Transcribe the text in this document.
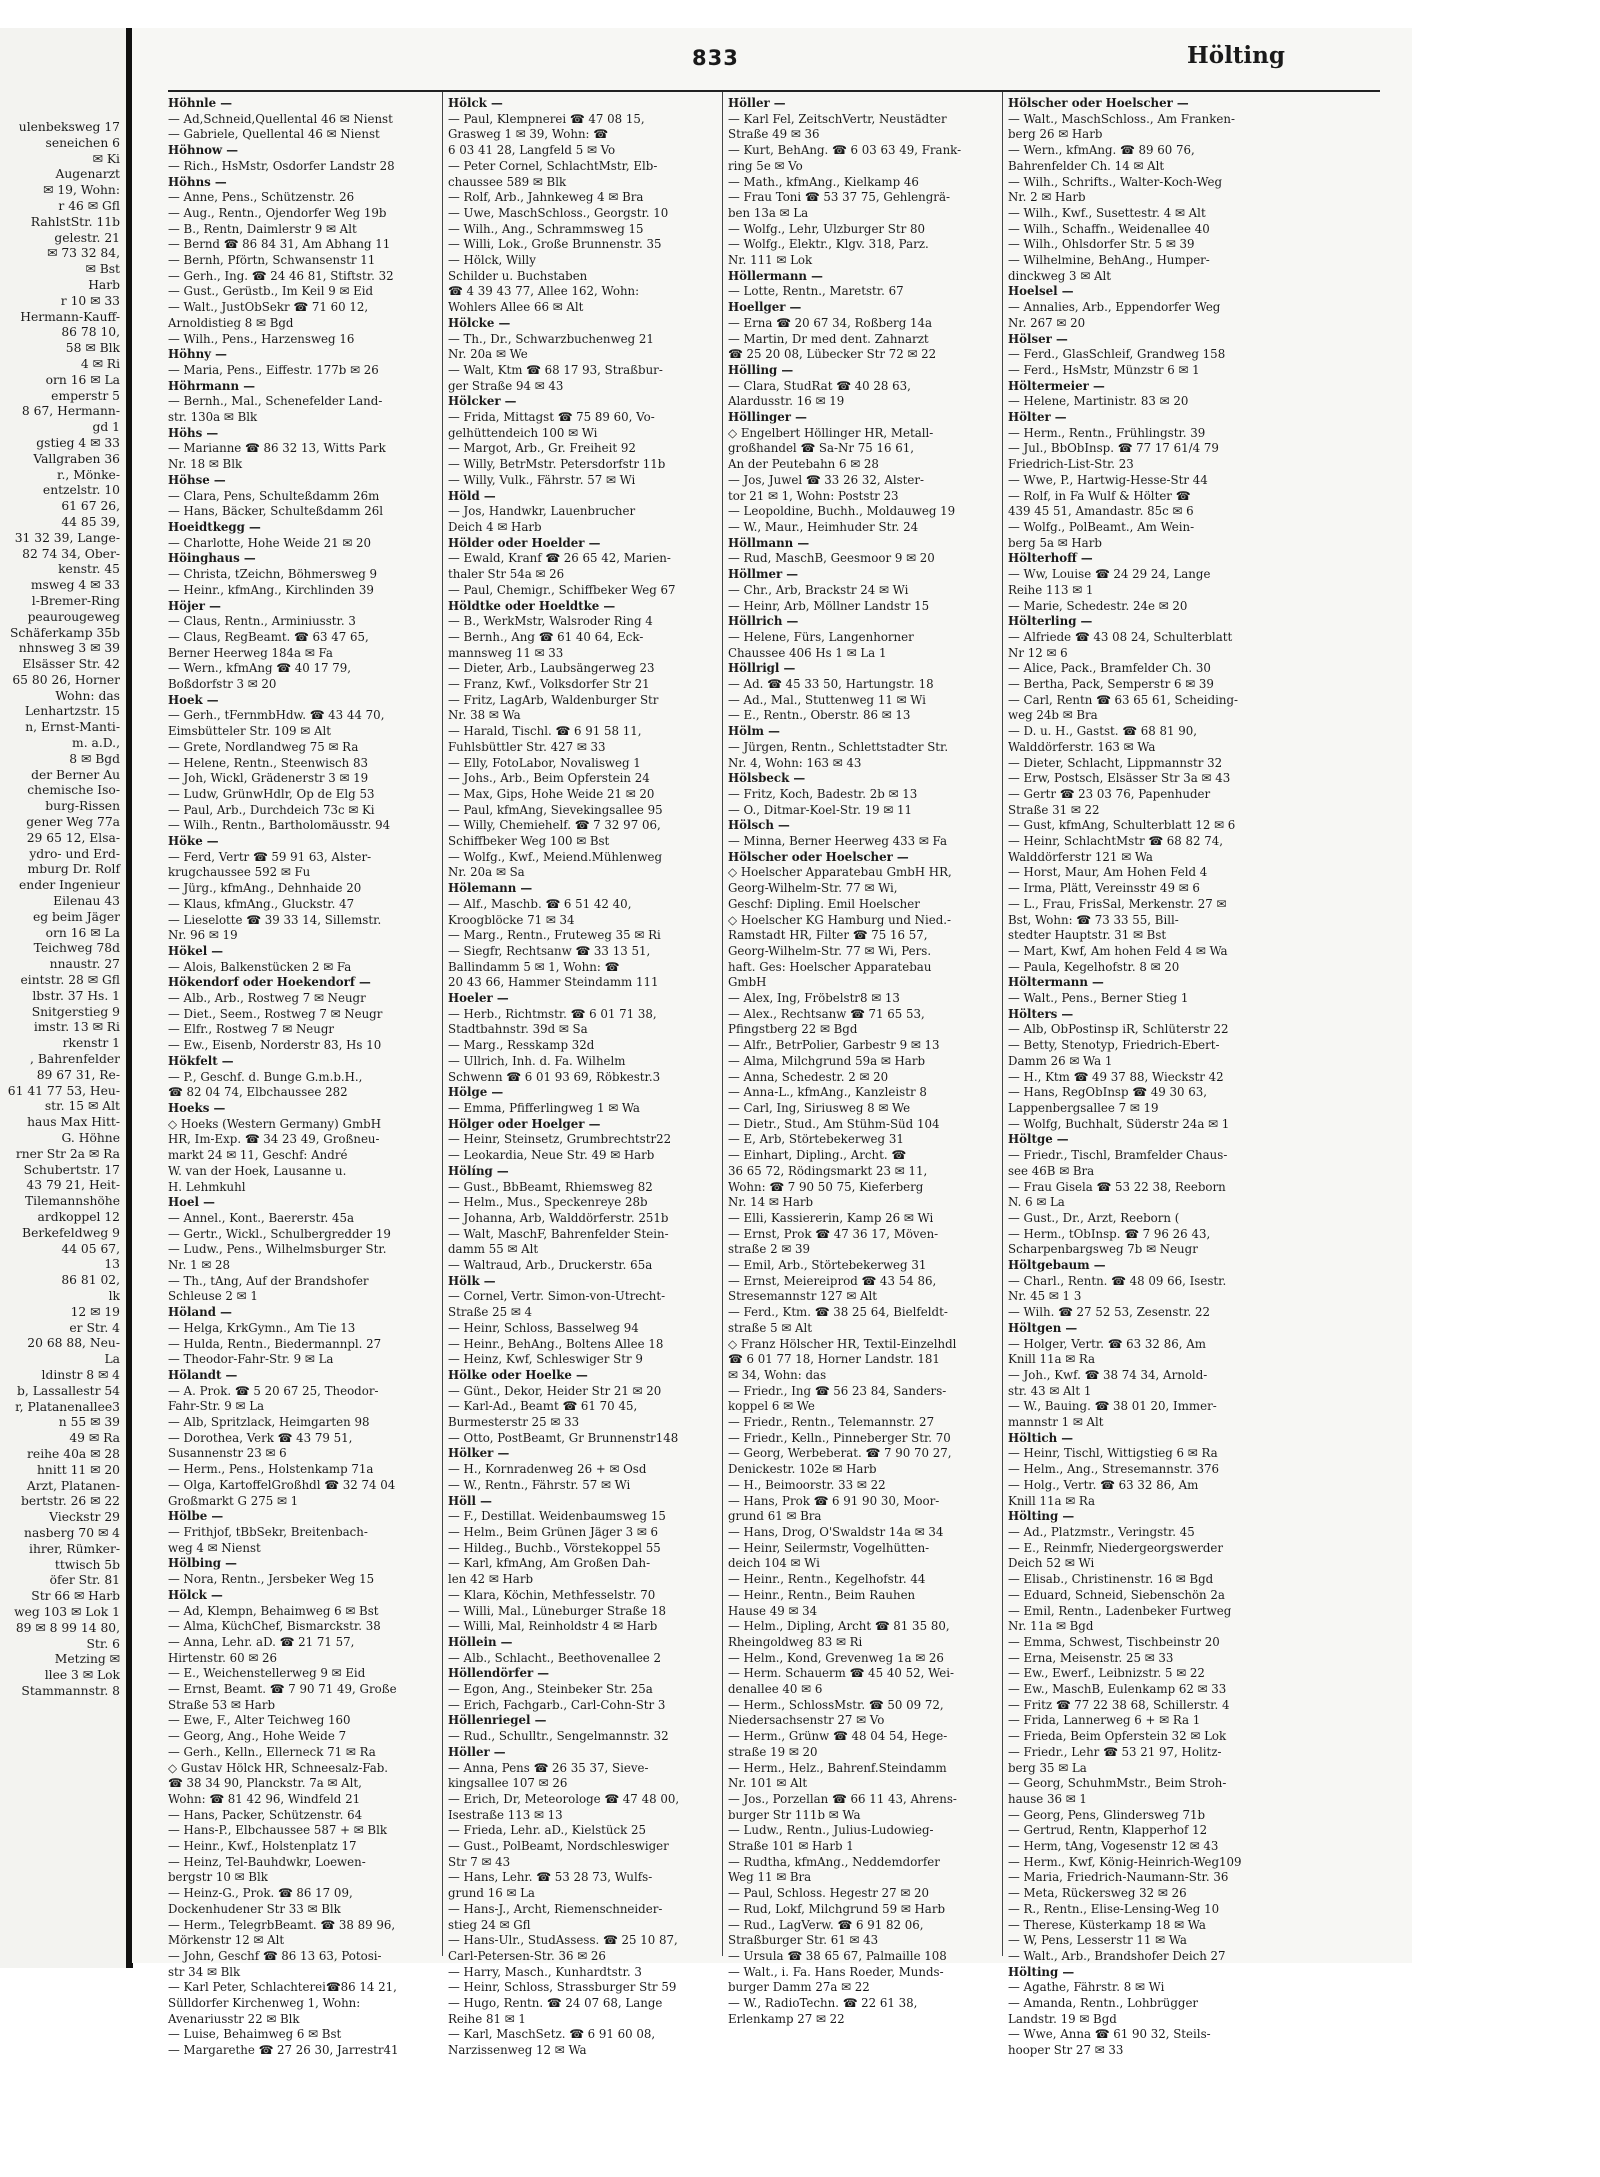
ulenbeksweg 17
seneichen 6
✉ Ki
Augenarzt
✉ 19, Wohn:
r 46 ✉ Gfl
RahlstStr. 11b
gelestr. 21
✉ 73 32 84,
✉ Bst
Harb
r 10 ✉ 33
Hermann-Kauff-
86 78 10,
58 ✉ Blk
4 ✉ Ri
orn 16 ✉ La
emperstr 5
8 67, Hermann-
gd 1
gstieg 4 ✉ 33
Vallgraben 36
r., Mönke-
entzelstr. 10
61 67 26,
44 85 39,
31 32 39, Lange-
82 74 34, Ober-
kenstr. 45
msweg 4 ✉ 33
l-Bremer-Ring
peaurougeweg
Schäferkamp 35b
nhnsweg 3 ✉ 39
Elsässer Str. 42
65 80 26, Horner
Wohn: das
Lenhartzstr. 15
n, Ernst-Manti-
m. a.D.,
8 ✉ Bgd
der Berner Au
chemische Iso-
burg-Rissen
gener Weg 77a
29 65 12, Elsa-
ydro- und Erd-
mburg Dr. Rolf
ender Ingenieur
Eilenau 43
eg beim Jäger
orn 16 ✉ La
Teichweg 78d
nnaustr. 27
eintstr. 28 ✉ Gfl
lbstr. 37 Hs. 1
Snitgerstieg 9
imstr. 13 ✉ Ri
rkenstr 1
, Bahrenfelder
89 67 31, Re-
61 41 77 53, Heu-
str. 15 ✉ Alt
haus Max Hitt-
G. Höhne
rner Str 2a ✉ Ra
Schubertstr. 17
43 79 21, Heit-
Tilemannshöhe
ardkoppel 12
Berkefeldweg 9
44 05 67,
13
86 81 02,
lk
12 ✉ 19
er Str. 4
20 68 88, Neu-
La
ldinstr 8 ✉ 4
b, Lassallestr 54
r, Platanenallee3
n 55 ✉ 39
49 ✉ Ra
reihe 40a ✉ 28
hnitt 11 ✉ 20
Arzt, Platanen-
bertstr. 26 ✉ 22
Vieckstr 29
nasberg 70 ✉ 4
ihrer, Rümker-
ttwisch 5b
öfer Str. 81
Str 66 ✉ Harb
weg 103 ✉ Lok 1
89 ✉ 8 99 14 80,
Str. 6
Metzing ✉
llee 3 ✉ Lok
Stammannstr. 8
833	Hölting
Höhnle —
— Ad,Schneid,Quellental 46 ✉ Nienst
— Gabriele, Quellental 46 ✉ Nienst
Höhnow —
— Rich., HsMstr, Osdorfer Landstr 28
Höhns —
— Anne, Pens., Schützenstr. 26
— Aug., Rentn., Ojendorfer Weg 19b
— B., Rentn, Daimlerstr 9 ✉ Alt
— Bernd ☎ 86 84 31, Am Abhang 11
— Bernh, Pförtn, Schwansenstr 11
— Gerh., Ing. ☎ 24 46 81, Stiftstr. 32
— Gust., Gerüstb., Im Keil 9 ✉ Eid
— Walt., JustObSekr ☎ 71 60 12,
Arnoldistieg 8 ✉ Bgd
— Wilh., Pens., Harzensweg 16
Höhny —
— Maria, Pens., Eiffestr. 177b ✉ 26
Höhrmann —
— Bernh., Mal., Schenefelder Land-
str. 130a ✉ Blk
Höhs —
— Marianne ☎ 86 32 13, Witts Park
Nr. 18 ✉ Blk
Höhse —
— Clara, Pens, Schulteßdamm 26m
— Hans, Bäcker, Schulteßdamm 26l
Hoeidtkegg —
— Charlotte, Hohe Weide 21 ✉ 20
Höinghaus —
— Christa, tZeichn, Böhmersweg 9
— Heinr., kfmAng., Kirchlinden 39
Höjer —
— Claus, Rentn., Arminiusstr. 3
— Claus, RegBeamt. ☎ 63 47 65,
Berner Heerweg 184a ✉ Fa
— Wern., kfmAng ☎ 40 17 79,
Boßdorfstr 3 ✉ 20
Hoek —
— Gerh., tFernmbHdw. ☎ 43 44 70,
Eimsbütteler Str. 109 ✉ Alt
— Grete, Nordlandweg 75 ✉ Ra
— Helene, Rentn., Steenwisch 83
— Joh, Wickl, Grädenerstr 3 ✉ 19
— Ludw, GrünwHdlr, Op de Elg 53
— Paul, Arb., Durchdeich 73c ✉ Ki
— Wilh., Rentn., Bartholomäusstr. 94
Höke —
— Ferd, Vertr ☎ 59 91 63, Alster-
krugchaussee 592 ✉ Fu
— Jürg., kfmAng., Dehnhaide 20
— Klaus, kfmAng., Gluckstr. 47
— Lieselotte ☎ 39 33 14, Sillemstr.
Nr. 96 ✉ 19
Hökel —
— Alois, Balkenstücken 2 ✉ Fa
Hökendorf oder Hoekendorf —
— Alb., Arb., Rostweg 7 ✉ Neugr
— Diet., Seem., Rostweg 7 ✉ Neugr
— Elfr., Rostweg 7 ✉ Neugr
— Ew., Eisenb, Norderstr 83, Hs 10
Hökfelt —
— P., Geschf. d. Bunge G.m.b.H.,
☎ 82 04 74, Elbchaussee 282
Hoeks —
◇ Hoeks (Western Germany) GmbH
HR, Im-Exp. ☎ 34 23 49, Großneu-
markt 24 ✉ 11, Geschf: André
W. van der Hoek, Lausanne u.
H. Lehmkuhl
Hoel —
— Annel., Kont., Baererstr. 45a
— Gertr., Wickl., Schulbergredder 19
— Ludw., Pens., Wilhelmsburger Str.
Nr. 1 ✉ 28
— Th., tAng, Auf der Brandshofer
Schleuse 2 ✉ 1
Höland —
— Helga, KrkGymn., Am Tie 13
— Hulda, Rentn., Biedermannpl. 27
— Theodor-Fahr-Str. 9 ✉ La
Hölandt —
— A. Prok. ☎ 5 20 67 25, Theodor-
Fahr-Str. 9 ✉ La
— Alb, Spritzlack, Heimgarten 98
— Dorothea, Verk ☎ 43 79 51,
Susannenstr 23 ✉ 6
— Herm., Pens., Holstenkamp 71a
— Olga, KartoffelGroßhdl ☎ 32 74 04
Großmarkt G 275 ✉ 1
Hölbe —
— Frithjof, tBbSekr, Breitenbach-
weg 4 ✉ Nienst
Hölbing —
— Nora, Rentn., Jersbeker Weg 15
Hölck —
— Ad, Klempn, Behaimweg 6 ✉ Bst
— Alma, KüchChef, Bismarckstr. 38
— Anna, Lehr. aD. ☎ 21 71 57,
Hirtenstr. 60 ✉ 26
— E., Weichenstellerweg 9 ✉ Eid
— Ernst, Beamt. ☎ 7 90 71 49, Große
Straße 53 ✉ Harb
— Ewe, F., Alter Teichweg 160
— Georg, Ang., Hohe Weide 7
— Gerh., Kelln., Ellerneck 71 ✉ Ra
◇ Gustav Hölck HR, Schneesalz-Fab.
☎ 38 34 90, Planckstr. 7a ✉ Alt,
Wohn: ☎ 81 42 96, Windfeld 21
— Hans, Packer, Schützenstr. 64
— Hans-P., Elbchaussee 587 + ✉ Blk
— Heinr., Kwf., Holstenplatz 17
— Heinz, Tel-Bauhdwkr, Loewen-
bergstr 10 ✉ Blk
— Heinz-G., Prok. ☎ 86 17 09,
Dockenhudener Str 33 ✉ Blk
— Herm., TelegrbBeamt. ☎ 38 89 96,
Mörkenstr 12 ✉ Alt
— John, Geschf ☎ 86 13 63, Potosi-
str 34 ✉ Blk
— Karl Peter, Schlachterei☎86 14 21,
Sülldorfer Kirchenweg 1, Wohn:
Avenariusstr 22 ✉ Blk
— Luise, Behaimweg 6 ✉ Bst
— Margarethe ☎ 27 26 30, Jarrestr41
Hölck —
— Paul, Klempnerei ☎ 47 08 15,
Grasweg 1 ✉ 39, Wohn: ☎
6 03 41 28, Langfeld 5 ✉ Vo
— Peter Cornel, SchlachtMstr, Elb-
chaussee 589 ✉ Blk
— Rolf, Arb., Jahnkeweg 4 ✉ Bra
— Uwe, MaschSchloss., Georgstr. 10
— Wilh., Ang., Schrammsweg 15
— Willi, Lok., Große Brunnenstr. 35
— Hölck, Willy
Schilder u. Buchstaben
☎ 4 39 43 77, Allee 162, Wohn:
Wohlers Allee 66 ✉ Alt
Hölcke —
— Th., Dr., Schwarzbuchenweg 21
Nr. 20a ✉ We
— Walt, Ktm ☎ 68 17 93, Straßbur-
ger Straße 94 ✉ 43
Hölcker —
— Frida, Mittagst ☎ 75 89 60, Vo-
gelhüttendeich 100 ✉ Wi
— Margot, Arb., Gr. Freiheit 92
— Willy, BetrMstr. Petersdorfstr 11b
— Willy, Vulk., Fährstr. 57 ✉ Wi
Höld —
— Jos, Handwkr, Lauenbrucher
Deich 4 ✉ Harb
Hölder oder Hoelder —
— Ewald, Kranf ☎ 26 65 42, Marien-
thaler Str 54a ✉ 26
— Paul, Chemigr., Schiffbeker Weg 67
Höldtke oder Hoeldtke —
— B., WerkMstr, Walsroder Ring 4
— Bernh., Ang ☎ 61 40 64, Eck-
mannsweg 11 ✉ 33
— Dieter, Arb., Laubsängerweg 23
— Franz, Kwf., Volksdorfer Str 21
— Fritz, LagArb, Waldenburger Str
Nr. 38 ✉ Wa
— Harald, Tischl. ☎ 6 91 58 11,
Fuhlsbüttler Str. 427 ✉ 33
— Elly, FotoLabor, Novalisweg 1
— Johs., Arb., Beim Opferstein 24
— Max, Gips, Hohe Weide 21 ✉ 20
— Paul, kfmAng, Sievekingsallee 95
— Willy, Chemiehelf. ☎ 7 32 97 06,
Schiffbeker Weg 100 ✉ Bst
— Wolfg., Kwf., Meiend.Mühlenweg
Nr. 20a ✉ Sa
Hölemann —
— Alf., Maschb. ☎ 6 51 42 40,
Kroogblöcke 71 ✉ 34
— Marg., Rentn., Fruteweg 35 ✉ Ri
— Siegfr, Rechtsanw ☎ 33 13 51,
Ballindamm 5 ✉ 1, Wohn: ☎
20 43 66, Hammer Steindamm 111
Hoeler —
— Herb., Richtmstr. ☎ 6 01 71 38,
Stadtbahnstr. 39d ✉ Sa
— Marg., Resskamp 32d
— Ullrich, Inh. d. Fa. Wilhelm
Schwenn ☎ 6 01 93 69, Röbkestr.3
Hölge —
— Emma, Pfifferlingweg 1 ✉ Wa
Hölger oder Hoelger —
— Heinr, Steinsetz, Grumbrechtstr22
— Leokardia, Neue Str. 49 ✉ Harb
Hölíng —
— Gust., BbBeamt, Rhiemsweg 82
— Helm., Mus., Speckenreye 28b
— Johanna, Arb, Walddörferstr. 251b
— Walt, MaschF, Bahrenfelder Stein-
damm 55 ✉ Alt
— Waltraud, Arb., Druckerstr. 65a
Hölk —
— Cornel, Vertr. Simon-von-Utrecht-
Straße 25 ✉ 4
— Heinr, Schloss, Basselweg 94
— Heinr., BehAng., Boltens Allee 18
— Heinz, Kwf, Schleswiger Str 9
Hölke oder Hoelke —
— Günt., Dekor, Heider Str 21 ✉ 20
— Karl-Ad., Beamt ☎ 61 70 45,
Burmesterstr 25 ✉ 33
— Otto, PostBeamt, Gr Brunnenstr148
Hölker —
— H., Kornradenweg 26 + ✉ Osd
— W., Rentn., Fährstr. 57 ✉ Wi
Höll —
— F., Destillat. Weidenbaumsweg 15
— Helm., Beim Grünen Jäger 3 ✉ 6
— Hildeg., Buchb., Vörstekoppel 55
— Karl, kfmAng, Am Großen Dah-
len 42 ✉ Harb
— Klara, Köchin, Methfesselstr. 70
— Willi, Mal., Lüneburger Straße 18
— Willi, Mal, Reinholdstr 4 ✉ Harb
Höllein —
— Alb., Schlacht., Beethovenallee 2
Höllendörfer —
— Egon, Ang., Steinbeker Str. 25a
— Erich, Fachgarb., Carl-Cohn-Str 3
Höllenriegel —
— Rud., Schulltr., Sengelmannstr. 32
Höller —
— Anna, Pens ☎ 26 35 37, Sieve-
kingsallee 107 ✉ 26
— Erich, Dr, Meteorologe ☎ 47 48 00,
Isestraße 113 ✉ 13
— Frieda, Lehr. aD., Kielstück 25
— Gust., PolBeamt, Nordschleswiger
Str 7 ✉ 43
— Hans, Lehr. ☎ 53 28 73, Wulfs-
grund 16 ✉ La
— Hans-J., Archt, Riemenschneider-
stieg 24 ✉ Gfl
— Hans-Ulr., StudAssess. ☎ 25 10 87,
Carl-Petersen-Str. 36 ✉ 26
— Harry, Masch., Kunhardtstr. 3
— Heinr, Schloss, Strassburger Str 59
— Hugo, Rentn. ☎ 24 07 68, Lange
Reihe 81 ✉ 1
— Karl, MaschSetz. ☎ 6 91 60 08,
Narzissenweg 12 ✉ Wa
Höller —
— Karl Fel, ZeitschVertr, Neustädter
Straße 49 ✉ 36
— Kurt, BehAng. ☎ 6 03 63 49, Frank-
ring 5e ✉ Vo
— Math., kfmAng., Kielkamp 46
— Frau Toni ☎ 53 37 75, Gehlengrä-
ben 13a ✉ La
— Wolfg., Lehr, Ulzburger Str 80
— Wolfg., Elektr., Klgv. 318, Parz.
Nr. 111 ✉ Lok
Höllermann —
— Lotte, Rentn., Maretstr. 67
Hoellger —
— Erna ☎ 20 67 34, Roßberg 14a
— Martin, Dr med dent. Zahnarzt
☎ 25 20 08, Lübecker Str 72 ✉ 22
Hölling —
— Clara, StudRat ☎ 40 28 63,
Alardusstr. 16 ✉ 19
Höllinger —
◇ Engelbert Höllinger HR, Metall-
großhandel ☎ Sa-Nr 75 16 61,
An der Peutebahn 6 ✉ 28
— Jos, Juwel ☎ 33 26 32, Alster-
tor 21 ✉ 1, Wohn: Poststr 23
— Leopoldine, Buchh., Moldauweg 19
— W., Maur., Heimhuder Str. 24
Höllmann —
— Rud, MaschB, Geesmoor 9 ✉ 20
Höllmer —
— Chr., Arb, Brackstr 24 ✉ Wi
— Heinr, Arb, Möllner Landstr 15
Höllrich —
— Helene, Fürs, Langenhorner
Chaussee 406 Hs 1 ✉ La 1
Höllrigl —
— Ad. ☎ 45 33 50, Hartungstr. 18
— Ad., Mal., Stuttenweg 11 ✉ Wi
— E., Rentn., Oberstr. 86 ✉ 13
Hölm —
— Jürgen, Rentn., Schlettstadter Str.
Nr. 4, Wohn: 163 ✉ 43
Hölsbeck —
— Fritz, Koch, Badestr. 2b ✉ 13
— O., Ditmar-Koel-Str. 19 ✉ 11
Hölsch —
— Minna, Berner Heerweg 433 ✉ Fa
Hölscher oder Hoelscher —
◇ Hoelscher Apparatebau GmbH HR,
Georg-Wilhelm-Str. 77 ✉ Wi,
Geschf: Dipling. Emil Hoelscher
◇ Hoelscher KG Hamburg und Nied.-
Ramstadt HR, Filter ☎ 75 16 57,
Georg-Wilhelm-Str. 77 ✉ Wi, Pers.
haft. Ges: Hoelscher Apparatebau
GmbH
— Alex, Ing, Fröbelstr8 ✉ 13
— Alex., Rechtsanw ☎ 71 65 53,
Pfingstberg 22 ✉ Bgd
— Alfr., BetrPolier, Garbestr 9 ✉ 13
— Alma, Milchgrund 59a ✉ Harb
— Anna, Schedestr. 2 ✉ 20
— Anna-L., kfmAng., Kanzleistr 8
— Carl, Ing, Siriusweg 8 ✉ We
— Dietr., Stud., Am Stühm-Süd 104
— E, Arb, Störtebekerweg 31
— Einhart, Dipling., Archt. ☎
36 65 72, Rödingsmarkt 23 ✉ 11,
Wohn: ☎ 7 90 50 75, Kieferberg
Nr. 14 ✉ Harb
— Elli, Kassiererin, Kamp 26 ✉ Wi
— Ernst, Prok ☎ 47 36 17, Möven-
straße 2 ✉ 39
— Emil, Arb., Störtebekerweg 31
— Ernst, Meiereiprod ☎ 43 54 86,
Stresemannstr 127 ✉ Alt
— Ferd., Ktm. ☎ 38 25 64, Bielfeldt-
straße 5 ✉ Alt
◇ Franz Hölscher HR, Textil-Einzelhdl
☎ 6 01 77 18, Horner Landstr. 181
✉ 34, Wohn: das
— Friedr., Ing ☎ 56 23 84, Sanders-
koppel 6 ✉ We
— Friedr., Rentn., Telemannstr. 27
— Friedr., Kelln., Pinneberger Str. 70
— Georg, Werbeberat. ☎ 7 90 70 27,
Denickestr. 102e ✉ Harb
— H., Beimoorstr. 33 ✉ 22
— Hans, Prok ☎ 6 91 90 30, Moor-
grund 61 ✉ Bra
— Hans, Drog, O'Swaldstr 14a ✉ 34
— Heinr, Seilermstr, Vogelhütten-
deich 104 ✉ Wi
— Heinr., Rentn., Kegelhofstr. 44
— Heinr., Rentn., Beim Rauhen
Hause 49 ✉ 34
— Helm., Dipling, Archt ☎ 81 35 80,
Rheingoldweg 83 ✉ Ri
— Helm., Kond, Grevenweg 1a ✉ 26
— Herm. Schauerm ☎ 45 40 52, Wei-
denallee 40 ✉ 6
— Herm., SchlossMstr. ☎ 50 09 72,
Niedersachsenstr 27 ✉ Vo
— Herm., Grünw ☎ 48 04 54, Hege-
straße 19 ✉ 20
— Herm., Helz., Bahrenf.Steindamm
Nr. 101 ✉ Alt
— Jos., Porzellan ☎ 66 11 43, Ahrens-
burger Str 111b ✉ Wa
— Ludw., Rentn., Julius-Ludowieg-
Straße 101 ✉ Harb 1
— Rudtha, kfmAng., Neddemdorfer
Weg 11 ✉ Bra
— Paul, Schloss. Hegestr 27 ✉ 20
— Rud, Lokf, Milchgrund 59 ✉ Harb
— Rud., LagVerw. ☎ 6 91 82 06,
Straßburger Str. 61 ✉ 43
— Ursula ☎ 38 65 67, Palmaille 108
— Walt., i. Fa. Hans Roeder, Munds-
burger Damm 27a ✉ 22
— W., RadioTechn. ☎ 22 61 38,
Erlenkamp 27 ✉ 22
Hölscher oder Hoelscher —
— Walt., MaschSchloss., Am Franken-
berg 26 ✉ Harb
— Wern., kfmAng. ☎ 89 60 76,
Bahrenfelder Ch. 14 ✉ Alt
— Wilh., Schrifts., Walter-Koch-Weg
Nr. 2 ✉ Harb
— Wilh., Kwf., Susettestr. 4 ✉ Alt
— Wilh., Schaffn., Weidenallee 40
— Wilh., Ohlsdorfer Str. 5 ✉ 39
— Wilhelmine, BehAng., Humper-
dinckweg 3 ✉ Alt
Hoelsel —
— Annalies, Arb., Eppendorfer Weg
Nr. 267 ✉ 20
Hölser —
— Ferd., GlasSchleif, Grandweg 158
— Ferd., HsMstr, Münzstr 6 ✉ 1
Höltermeier —
— Helene, Martinistr. 83 ✉ 20
Hölter —
— Herm., Rentn., Frühlingstr. 39
— Jul., BbObInsp. ☎ 77 17 61/4 79
Friedrich-List-Str. 23
— Wwe, P., Hartwig-Hesse-Str 44
— Rolf, in Fa Wulf & Hölter ☎
439 45 51, Amandastr. 85c ✉ 6
— Wolfg., PolBeamt., Am Wein-
berg 5a ✉ Harb
Hölterhoff —
— Ww, Louise ☎ 24 29 24, Lange
Reihe 113 ✉ 1
— Marie, Schedestr. 24e ✉ 20
Hölterling —
— Alfriede ☎ 43 08 24, Schulterblatt
Nr 12 ✉ 6
— Alice, Pack., Bramfelder Ch. 30
— Bertha, Pack, Semperstr 6 ✉ 39
— Carl, Rentn ☎ 63 65 61, Scheiding-
weg 24b ✉ Bra
— D. u. H., Gastst. ☎ 68 81 90,
Walddörferstr. 163 ✉ Wa
— Dieter, Schlacht, Lippmannstr 32
— Erw, Postsch, Elsässer Str 3a ✉ 43
— Gertr ☎ 23 03 76, Papenhuder
Straße 31 ✉ 22
— Gust, kfmAng, Schulterblatt 12 ✉ 6
— Heinr, SchlachtMstr ☎ 68 82 74,
Walddörferstr 121 ✉ Wa
— Horst, Maur, Am Hohen Feld 4
— Irma, Plätt, Vereinsstr 49 ✉ 6
— L., Frau, FrisSal, Merkenstr. 27 ✉
Bst, Wohn: ☎ 73 33 55, Bill-
stedter Hauptstr. 31 ✉ Bst
— Mart, Kwf, Am hohen Feld 4 ✉ Wa
— Paula, Kegelhofstr. 8 ✉ 20
Höltermann —
— Walt., Pens., Berner Stieg 1
Hölters —
— Alb, ObPostinsp iR, Schlüterstr 22
— Betty, Stenotyp, Friedrich-Ebert-
Damm 26 ✉ Wa 1
— H., Ktm ☎ 49 37 88, Wieckstr 42
— Hans, RegObInsp ☎ 49 30 63,
Lappenbergsallee 7 ✉ 19
— Wolfg, Buchhalt, Süderstr 24a ✉ 1
Höltge —
— Friedr., Tischl, Bramfelder Chaus-
see 46B ✉ Bra
— Frau Gisela ☎ 53 22 38, Reeborn
N. 6 ✉ La
— Gust., Dr., Arzt, Reeborn (
— Herm., tObInsp. ☎ 7 96 26 43,
Scharpenbargsweg 7b ✉ Neugr
Höltgebaum —
— Charl., Rentn. ☎ 48 09 66, Isestr.
Nr. 45 ✉ 1 3
— Wilh. ☎ 27 52 53, Zesenstr. 22
Höltgen —
— Holger, Vertr. ☎ 63 32 86, Am
Knill 11a ✉ Ra
— Joh., Kwf. ☎ 38 74 34, Arnold-
str. 43 ✉ Alt 1
— W., Bauing. ☎ 38 01 20, Immer-
mannstr 1 ✉ Alt
Höltich —
— Heinr, Tischl, Wittigstieg 6 ✉ Ra
— Helm., Ang., Stresemannstr. 376
— Holg., Vertr. ☎ 63 32 86, Am
Knill 11a ✉ Ra
Hölting —
— Ad., Platzmstr., Veringstr. 45
— E., Reinmfr, Niedergeorgswerder
Deich 52 ✉ Wi
— Elisab., Christinenstr. 16 ✉ Bgd
— Eduard, Schneid, Siebenschön 2a
— Emil, Rentn., Ladenbeker Furtweg
Nr. 11a ✉ Bgd
— Emma, Schwest, Tischbeinstr 20
— Erna, Meisenstr. 25 ✉ 33
— Ew., Ewerf., Leibnizstr. 5 ✉ 22
— Ew., MaschB, Eulenkamp 62 ✉ 33
— Fritz ☎ 77 22 38 68, Schillerstr. 4
— Frida, Lannerweg 6 + ✉ Ra 1
— Frieda, Beim Opferstein 32 ✉ Lok
— Friedr., Lehr ☎ 53 21 97, Holitz-
berg 35 ✉ La
— Georg, SchuhmMstr., Beim Stroh-
hause 36 ✉ 1
— Georg, Pens, Glindersweg 71b
— Gertrud, Rentn, Klapperhof 12
— Herm, tAng, Vogesenstr 12 ✉ 43
— Herm., Kwf, König-Heinrich-Weg109
— Maria, Friedrich-Naumann-Str. 36
— Meta, Rückersweg 32 ✉ 26
— R., Rentn., Elise-Lensing-Weg 10
— Therese, Küsterkamp 18 ✉ Wa
— W, Pens, Lesserstr 11 ✉ Wa
— Walt., Arb., Brandshofer Deich 27
Hölting —
— Agathe, Fährstr. 8 ✉ Wi
— Amanda, Rentn., Lohbrügger
Landstr. 19 ✉ Bgd
— Wwe, Anna ☎ 61 90 32, Steils-
hooper Str 27 ✉ 33
